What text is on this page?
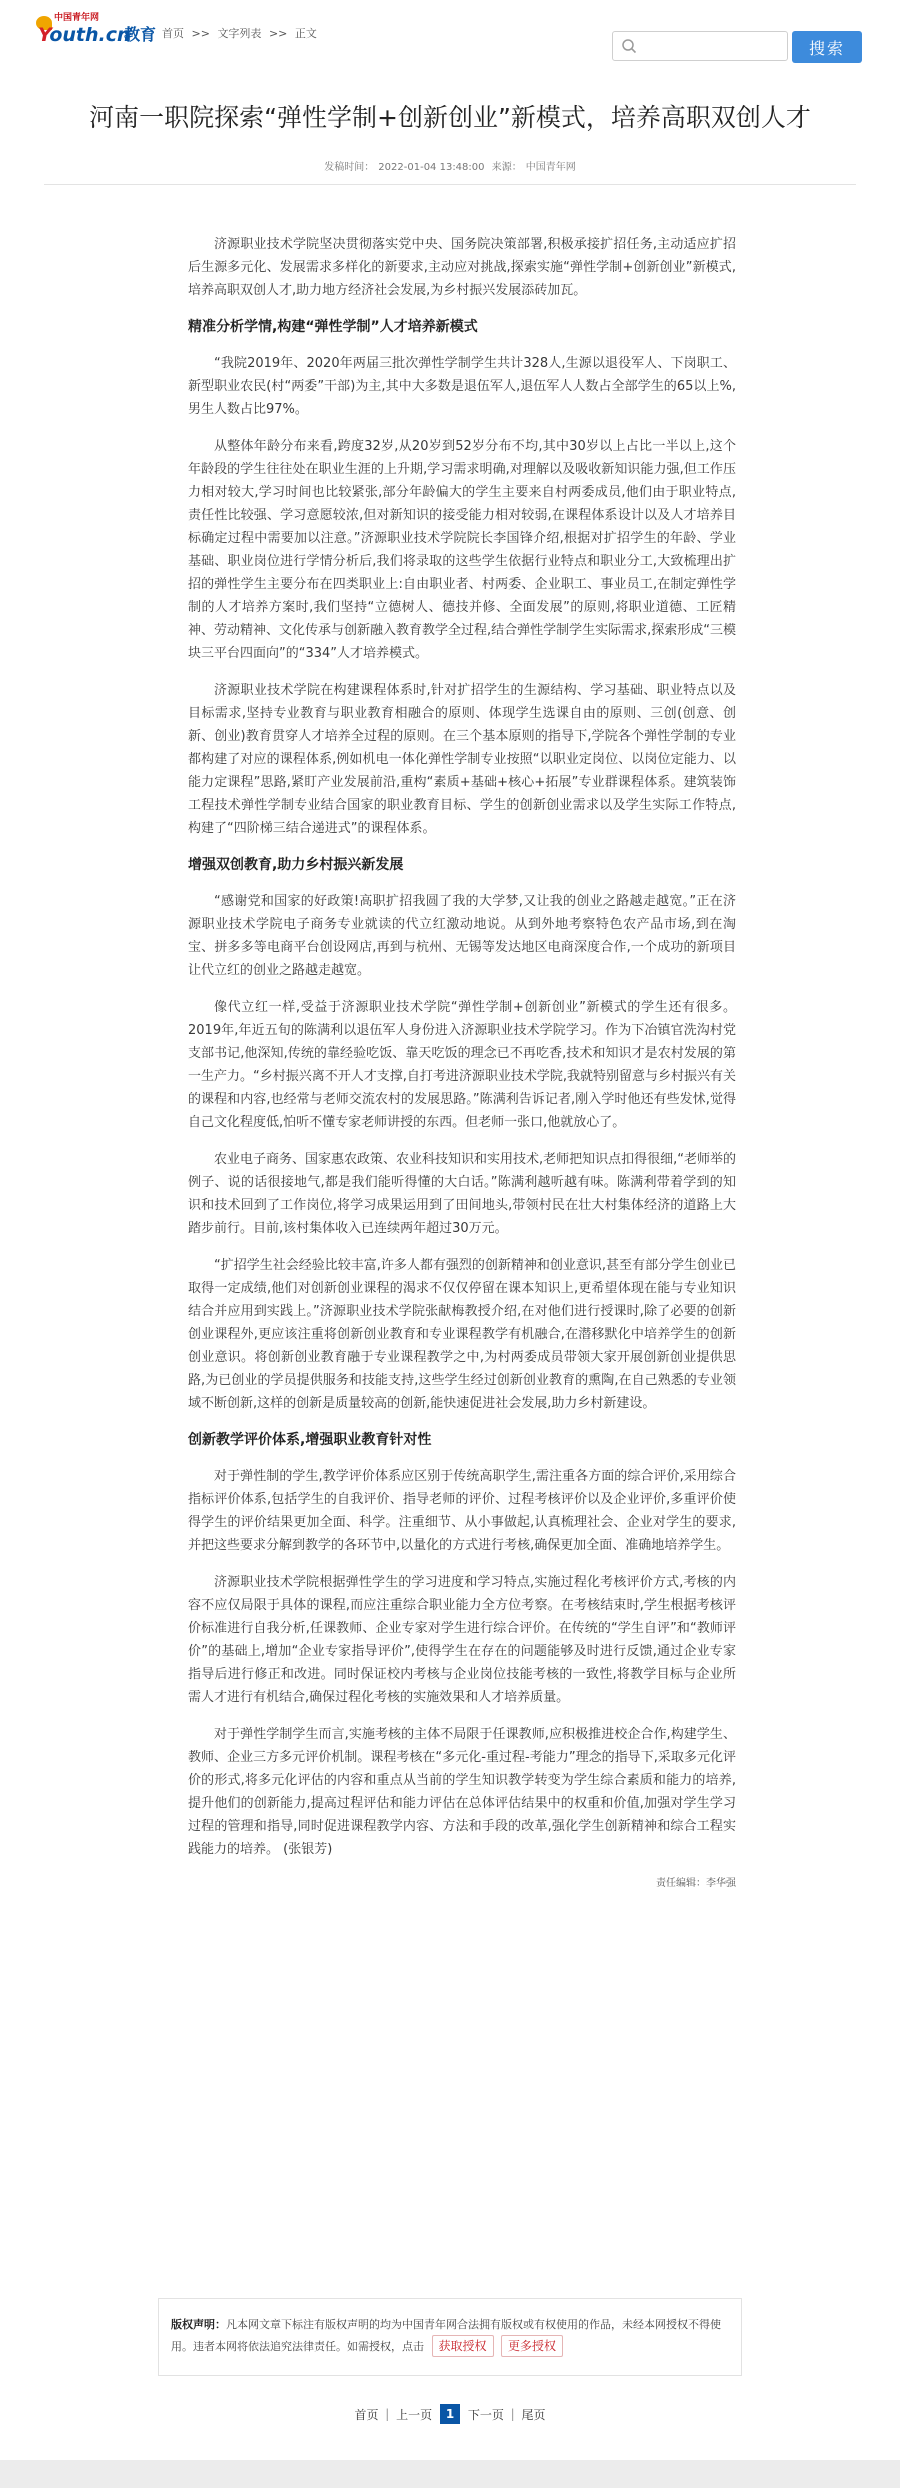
中国青年网
Youth.cn
教育 首页 >> 文字列表 >> 正文
搜索
河南一职院探索“弹性学制+创新创业”新模式，培养高职双创人才
发稿时间： 2022-01-04 13:48:00 来源： 中国青年网

济源职业技术学院坚决贯彻落实党中央、国务院决策部署,积极承接扩招任务,主动适应扩招后生源多元化、发展需求多样化的新要求,主动应对挑战,探索实施“弹性学制+创新创业”新模式,培养高职双创人才,助力地方经济社会发展,为乡村振兴发展添砖加瓦。

精准分析学情,构建“弹性学制”人才培养新模式

“我院2019年、2020年两届三批次弹性学制学生共计328人,生源以退役军人、下岗职工、新型职业农民(村“两委”干部)为主,其中大多数是退伍军人,退伍军人人数占全部学生的65以上%,男生人数占比97%。

从整体年龄分布来看,跨度32岁,从20岁到52岁分布不均,其中30岁以上占比一半以上,这个年龄段的学生往往处在职业生涯的上升期,学习需求明确,对理解以及吸收新知识能力强,但工作压力相对较大,学习时间也比较紧张,部分年龄偏大的学生主要来自村两委成员,他们由于职业特点,责任性比较强、学习意愿较浓,但对新知识的接受能力相对较弱,在课程体系设计以及人才培养目标确定过程中需要加以注意。”济源职业技术学院院长李国锋介绍,根据对扩招学生的年龄、学业基础、职业岗位进行学情分析后,我们将录取的这些学生依据行业特点和职业分工,大致梳理出扩招的弹性学生主要分布在四类职业上:自由职业者、村两委、企业职工、事业员工,在制定弹性学制的人才培养方案时,我们坚持“立德树人、德技并修、全面发展”的原则,将职业道德、工匠精神、劳动精神、文化传承与创新融入教育教学全过程,结合弹性学制学生实际需求,探索形成“三模块三平台四面向”的“334”人才培养模式。

济源职业技术学院在构建课程体系时,针对扩招学生的生源结构、学习基础、职业特点以及目标需求,坚持专业教育与职业教育相融合的原则、体现学生选课自由的原则、三创(创意、创新、创业)教育贯穿人才培养全过程的原则。在三个基本原则的指导下,学院各个弹性学制的专业都构建了对应的课程体系,例如机电一体化弹性学制专业按照“以职业定岗位、以岗位定能力、以能力定课程”思路,紧盯产业发展前沿,重构“素质+基础+核心+拓展”专业群课程体系。建筑装饰工程技术弹性学制专业结合国家的职业教育目标、学生的创新创业需求以及学生实际工作特点,构建了“四阶梯三结合递进式”的课程体系。

增强双创教育,助力乡村振兴新发展

“感谢党和国家的好政策!高职扩招我圆了我的大学梦,又让我的创业之路越走越宽。”正在济源职业技术学院电子商务专业就读的代立红激动地说。从到外地考察特色农产品市场,到在淘宝、拼多多等电商平台创设网店,再到与杭州、无锡等发达地区电商深度合作,一个成功的新项目让代立红的创业之路越走越宽。

像代立红一样,受益于济源职业技术学院“弹性学制+创新创业”新模式的学生还有很多。2019年,年近五旬的陈满利以退伍军人身份进入济源职业技术学院学习。作为下冶镇官洗沟村党支部书记,他深知,传统的靠经验吃饭、靠天吃饭的理念已不再吃香,技术和知识才是农村发展的第一生产力。“乡村振兴离不开人才支撑,自打考进济源职业技术学院,我就特别留意与乡村振兴有关的课程和内容,也经常与老师交流农村的发展思路。”陈满利告诉记者,刚入学时他还有些发怵,觉得自己文化程度低,怕听不懂专家老师讲授的东西。但老师一张口,他就放心了。

农业电子商务、国家惠农政策、农业科技知识和实用技术,老师把知识点扣得很细,“老师举的例子、说的话很接地气,都是我们能听得懂的大白话。”陈满利越听越有味。陈满利带着学到的知识和技术回到了工作岗位,将学习成果运用到了田间地头,带领村民在壮大村集体经济的道路上大踏步前行。目前,该村集体收入已连续两年超过30万元。

“扩招学生社会经验比较丰富,许多人都有强烈的创新精神和创业意识,甚至有部分学生创业已取得一定成绩,他们对创新创业课程的渴求不仅仅停留在课本知识上,更希望体现在能与专业知识结合并应用到实践上。”济源职业技术学院张献梅教授介绍,在对他们进行授课时,除了必要的创新创业课程外,更应该注重将创新创业教育和专业课程教学有机融合,在潜移默化中培养学生的创新创业意识。将创新创业教育融于专业课程教学之中,为村两委成员带领大家开展创新创业提供思路,为已创业的学员提供服务和技能支持,这些学生经过创新创业教育的熏陶,在自己熟悉的专业领域不断创新,这样的创新是质量较高的创新,能快速促进社会发展,助力乡村新建设。

创新教学评价体系,增强职业教育针对性

对于弹性制的学生,教学评价体系应区别于传统高职学生,需注重各方面的综合评价,采用综合指标评价体系,包括学生的自我评价、指导老师的评价、过程考核评价以及企业评价,多重评价使得学生的评价结果更加全面、科学。注重细节、从小事做起,认真梳理社会、企业对学生的要求,并把这些要求分解到教学的各环节中,以量化的方式进行考核,确保更加全面、准确地培养学生。

济源职业技术学院根据弹性学生的学习进度和学习特点,实施过程化考核评价方式,考核的内容不应仅局限于具体的课程,而应注重综合职业能力全方位考察。在考核结束时,学生根据考核评价标准进行自我分析,任课教师、企业专家对学生进行综合评价。在传统的“学生自评”和“教师评价”的基础上,增加“企业专家指导评价”,使得学生在存在的问题能够及时进行反馈,通过企业专家指导后进行修正和改进。同时保证校内考核与企业岗位技能考核的一致性,将教学目标与企业所需人才进行有机结合,确保过程化考核的实施效果和人才培养质量。

对于弹性学制学生而言,实施考核的主体不局限于任课教师,应积极推进校企合作,构建学生、教师、企业三方多元评价机制。课程考核在“多元化-重过程-考能力”理念的指导下,采取多元化评价的形式,将多元化评估的内容和重点从当前的学生知识教学转变为学生综合素质和能力的培养,提升他们的创新能力,提高过程评估和能力评估在总体评估结果中的权重和价值,加强对学生学习过程的管理和指导,同时促进课程教学内容、方法和手段的改革,强化学生创新精神和综合工程实践能力的培养。 (张银芳)

责任编辑：李华强

版权声明：凡本网文章下标注有版权声明的均为中国青年网合法拥有版权或有权使用的作品，未经本网授权不得使用。违者本网将依法追究法律责任。如需授权，点击 获取授权 更多授权
首页 | 上一页 1 下一页 | 尾页
